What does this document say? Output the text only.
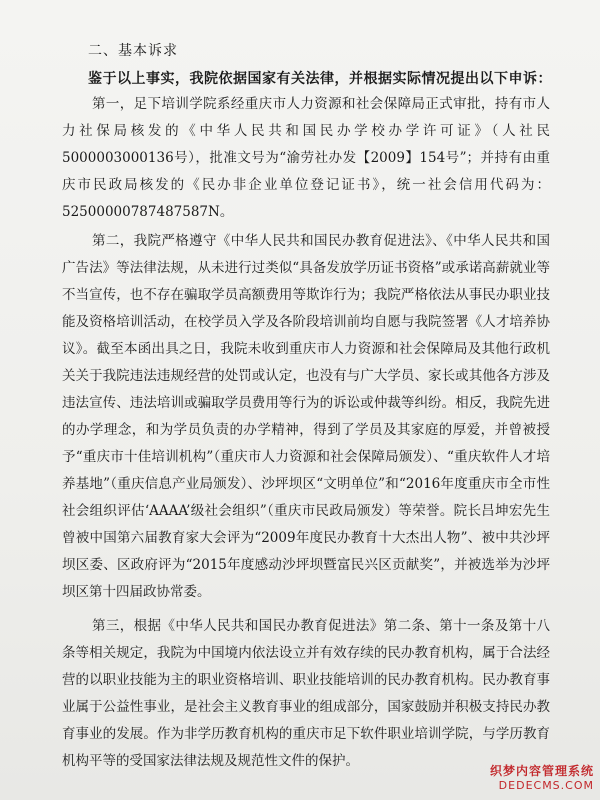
二、基本诉求
鉴于以上事实，我院依据国家有关法律，并根据实际情况提出以下申诉：
第一，足下培训学院系经重庆市人力资源和社会保障局正式审批，持有市人力社保局核发的《中华人民共和国民办学校办学许可证》（人社民 5000003000136号），批准文号为“渝劳社办发【2009】154号”；并持有由重庆市民政局核发的《民办非企业单位登记证书》，统一社会信用代码为：52500000787487587N。
第二，我院严格遵守《中华人民共和国民办教育促进法》、《中华人民共和国广告法》等法律法规，从未进行过类似“具备发放学历证书资格”或承诺高薪就业等不当宣传，也不存在骗取学员高额费用等欺诈行为；我院严格依法从事民办职业技能及资格培训活动，在校学员入学及各阶段培训前均自愿与我院签署《人才培养协议》。截至本函出具之日，我院未收到重庆市人力资源和社会保障局及其他行政机关关于我院违法违规经营的处罚或认定，也没有与广大学员、家长或其他各方涉及违法宣传、违法培训或骗取学员费用等行为的诉讼或仲裁等纠纷。相反，我院先进的办学理念，和为学员负责的办学精神，得到了学员及其家庭的厚爱，并曾被授予“重庆市十佳培训机构”（重庆市人力资源和社会保障局颁发）、“重庆软件人才培养基地”（重庆信息产业局颁发）、沙坪坝区“文明单位”和“2016年度重庆市全市性社会组织评估‘AAAA’级社会组织”（重庆市民政局颁发）等荣誉。院长吕坤宏先生曾被中国第六届教育家大会评为“2009年度民办教育十大杰出人物”、被中共沙坪坝区委、区政府评为“2015年度感动沙坪坝暨富民兴区贡献奖”，并被选举为沙坪坝区第十四届政协常委。
第三，根据《中华人民共和国民办教育促进法》第二条、第十一条及第十八条等相关规定，我院为中国境内依法设立并有效存续的民办教育机构，属于合法经营的以职业技能为主的职业资格培训、职业技能培训的民办教育机构。民办教育事业属于公益性事业，是社会主义教育事业的组成部分，国家鼓励并积极支持民办教育事业的发展。作为非学历教育机构的重庆市足下软件职业培训学院，与学历教育机构平等的受国家法律法规及规范性文件的保护。
织梦内容管理系统
DEDECMS.COM
